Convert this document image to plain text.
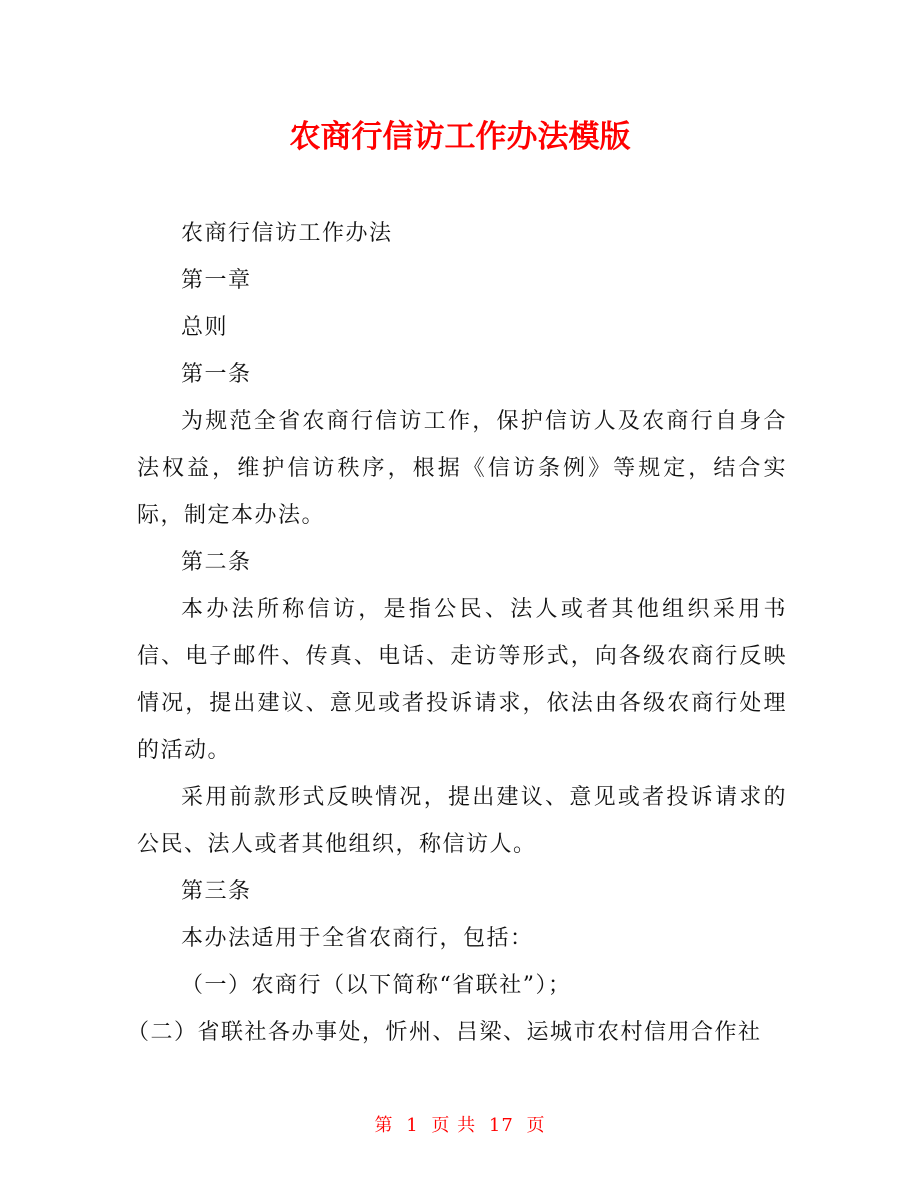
农商行信访工作办法模版

农商行信访工作办法

第一章

总则

第一条

为规范全省农商行信访工作，保护信访人及农商行自身合法权益，维护信访秩序，根据《信访条例》等规定，结合实际，制定本办法。

第二条

本办法所称信访，是指公民、法人或者其他组织采用书信、电子邮件、传真、电话、走访等形式，向各级农商行反映情况，提出建议、意见或者投诉请求，依法由各级农商行处理的活动。

采用前款形式反映情况，提出建议、意见或者投诉请求的公民、法人或者其他组织，称信访人。

第三条

本办法适用于全省农商行，包括：

（一）农商行（以下简称“省联社”）；

（二）省联社各办事处，忻州、吕梁、运城市农村信用合作社

第 1 页 共 17 页
